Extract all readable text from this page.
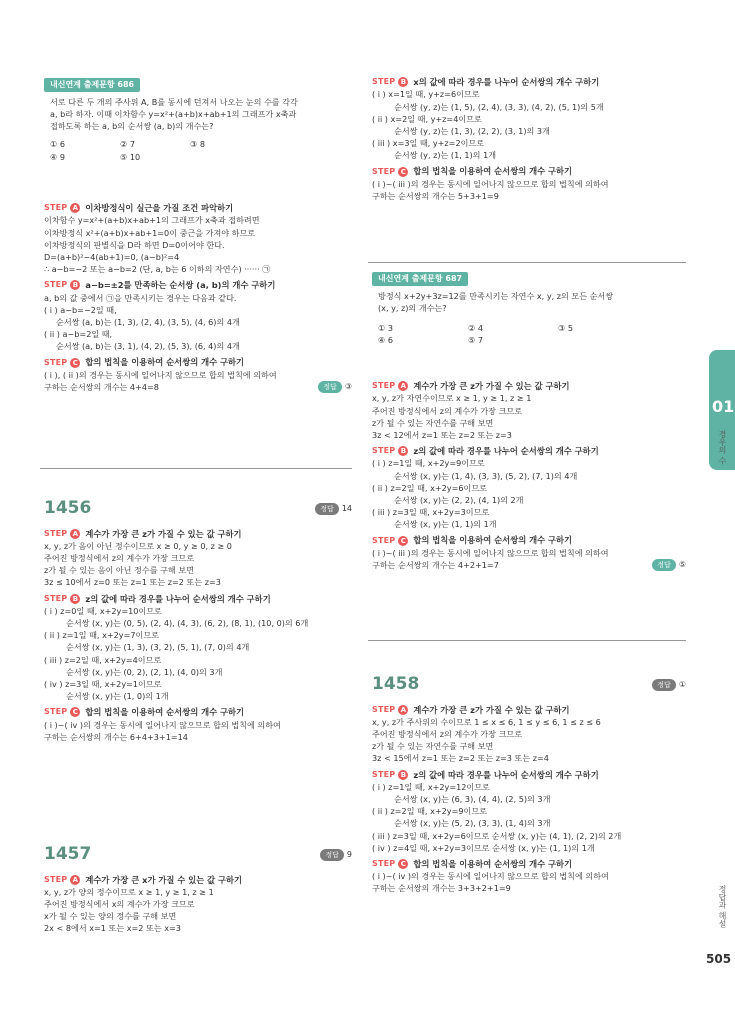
내신연계 출제문항 686
서로 다른 두 개의 주사위 A, B를 동시에 던져서 나오는 눈의 수를 각각
a, b라 하자. 이때 이차함수 y=x²+(a+b)x+ab+1의 그래프가 x축과
접하도록 하는 a, b의 순서쌍 (a, b)의 개수는?
① 6	② 7	③ 8
④ 9	⑤ 10
STEP A 이차방정식이 실근을 가질 조건 파악하기
이차함수 y=x²+(a+b)x+ab+1의 그래프가 x축과 접하려면
이차방정식 x²+(a+b)x+ab+1=0이 중근을 가져야 하므로
이차방정식의 판별식을 D라 하면 D=0이어야 한다.
D=(a+b)²−4(ab+1)=0, (a−b)²=4
∴ a−b=−2 또는 a−b=2 (단, a, b는 6 이하의 자연수) ······ ㉠
STEP B a−b=±2를 만족하는 순서쌍 (a, b)의 개수 구하기
a, b의 값 중에서 ㉠을 만족시키는 경우는 다음과 같다.
( i ) a−b=−2일 때,
순서쌍 (a, b)는 (1, 3), (2, 4), (3, 5), (4, 6)의 4개
( ii ) a−b=2일 때,
순서쌍 (a, b)는 (3, 1), (4, 2), (5, 3), (6, 4)의 4개
STEP C 합의 법칙을 이용하여 순서쌍의 개수 구하기
( i ), ( ii )의 경우는 동시에 일어나지 않으므로 합의 법칙에 의하여
구하는 순서쌍의 개수는 4+4=8	정답	③
1456	정답	14
STEP A 계수가 가장 큰 z가 가질 수 있는 값 구하기
x, y, z가 음이 아닌 정수이므로 x ≥ 0, y ≥ 0, z ≥ 0
주어진 방정식에서 z의 계수가 가장 크므로
z가 될 수 있는 음이 아닌 정수를 구해 보면
3z ≤ 10에서 z=0 또는 z=1 또는 z=2 또는 z=3
STEP B z의 값에 따라 경우를 나누어 순서쌍의 개수 구하기
( i ) z=0일 때, x+2y=10이므로
순서쌍 (x, y)는 (0, 5), (2, 4), (4, 3), (6, 2), (8, 1), (10, 0)의 6개
( ii ) z=1일 때, x+2y=7이므로
순서쌍 (x, y)는 (1, 3), (3, 2), (5, 1), (7, 0)의 4개
( iii ) z=2일 때, x+2y=4이므로
순서쌍 (x, y)는 (0, 2), (2, 1), (4, 0)의 3개
( iv ) z=3일 때, x+2y=1이므로
순서쌍 (x, y)는 (1, 0)의 1개
STEP C 합의 법칙을 이용하여 순서쌍의 개수 구하기
( i )~( iv )의 경우는 동시에 일어나지 않으므로 합의 법칙에 의하여
구하는 순서쌍의 개수는 6+4+3+1=14
1457	정답	9
STEP A 계수가 가장 큰 x가 가질 수 있는 값 구하기
x, y, z가 양의 정수이므로 x ≥ 1, y ≥ 1, z ≥ 1
주어진 방정식에서 x의 계수가 가장 크므로
x가 될 수 있는 양의 정수를 구해 보면
2x < 8에서 x=1 또는 x=2 또는 x=3
STEP B x의 값에 따라 경우를 나누어 순서쌍의 개수 구하기
( i ) x=1일 때, y+z=6이므로
순서쌍 (y, z)는 (1, 5), (2, 4), (3, 3), (4, 2), (5, 1)의 5개
( ii ) x=2일 때, y+z=4이므로
순서쌍 (y, z)는 (1, 3), (2, 2), (3, 1)의 3개
( iii ) x=3일 때, y+z=2이므로
순서쌍 (y, z)는 (1, 1)의 1개
STEP C 합의 법칙을 이용하여 순서쌍의 개수 구하기
( i )~( iii )의 경우는 동시에 일어나지 않으므로 합의 법칙에 의하여
구하는 순서쌍의 개수는 5+3+1=9
내신연계 출제문항 687
방정식 x+2y+3z=12를 만족시키는 자연수 x, y, z의 모든 순서쌍
(x, y, z)의 개수는?
① 3	② 4	③ 5
④ 6	⑤ 7
STEP A 계수가 가장 큰 z가 가질 수 있는 값 구하기
x, y, z가 자연수이므로 x ≥ 1, y ≥ 1, z ≥ 1
주어진 방정식에서 z의 계수가 가장 크므로
z가 될 수 있는 자연수를 구해 보면
3z < 12에서 z=1 또는 z=2 또는 z=3
STEP B z의 값에 따라 경우를 나누어 순서쌍의 개수 구하기
( i ) z=1일 때, x+2y=9이므로
순서쌍 (x, y)는 (1, 4), (3, 3), (5, 2), (7, 1)의 4개
( ii ) z=2일 때, x+2y=6이므로
순서쌍 (x, y)는 (2, 2), (4, 1)의 2개
( iii ) z=3일 때, x+2y=3이므로
순서쌍 (x, y)는 (1, 1)의 1개
STEP C 합의 법칙을 이용하여 순서쌍의 개수 구하기
( i )~( iii )의 경우는 동시에 일어나지 않으므로 합의 법칙에 의하여
구하는 순서쌍의 개수는 4+2+1=7	정답	⑤
1458	정답	①
STEP A 계수가 가장 큰 z가 가질 수 있는 값 구하기
x, y, z가 주사위의 수이므로 1 ≤ x ≤ 6, 1 ≤ y ≤ 6, 1 ≤ z ≤ 6
주어진 방정식에서 z의 계수가 가장 크므로
z가 될 수 있는 자연수를 구해 보면
3z < 15에서 z=1 또는 z=2 또는 z=3 또는 z=4
STEP B z의 값에 따라 경우를 나누어 순서쌍의 개수 구하기
( i ) z=1일 때, x+2y=12이므로
순서쌍 (x, y)는 (6, 3), (4, 4), (2, 5)의 3개
( ii ) z=2일 때, x+2y=9이므로
순서쌍 (x, y)는 (5, 2), (3, 3), (1, 4)의 3개
( iii ) z=3일 때, x+2y=6이므로 순서쌍 (x, y)는 (4, 1), (2, 2)의 2개
( iv ) z=4일 때, x+2y=3이므로 순서쌍 (x, y)는 (1, 1)의 1개
STEP C 합의 법칙을 이용하여 순서쌍의 개수 구하기
( i )~( iv )의 경우는 동시에 일어나지 않으므로 합의 법칙에 의하여
구하는 순서쌍의 개수는 3+3+2+1=9
01
경우의 수
정답과 해설
505
